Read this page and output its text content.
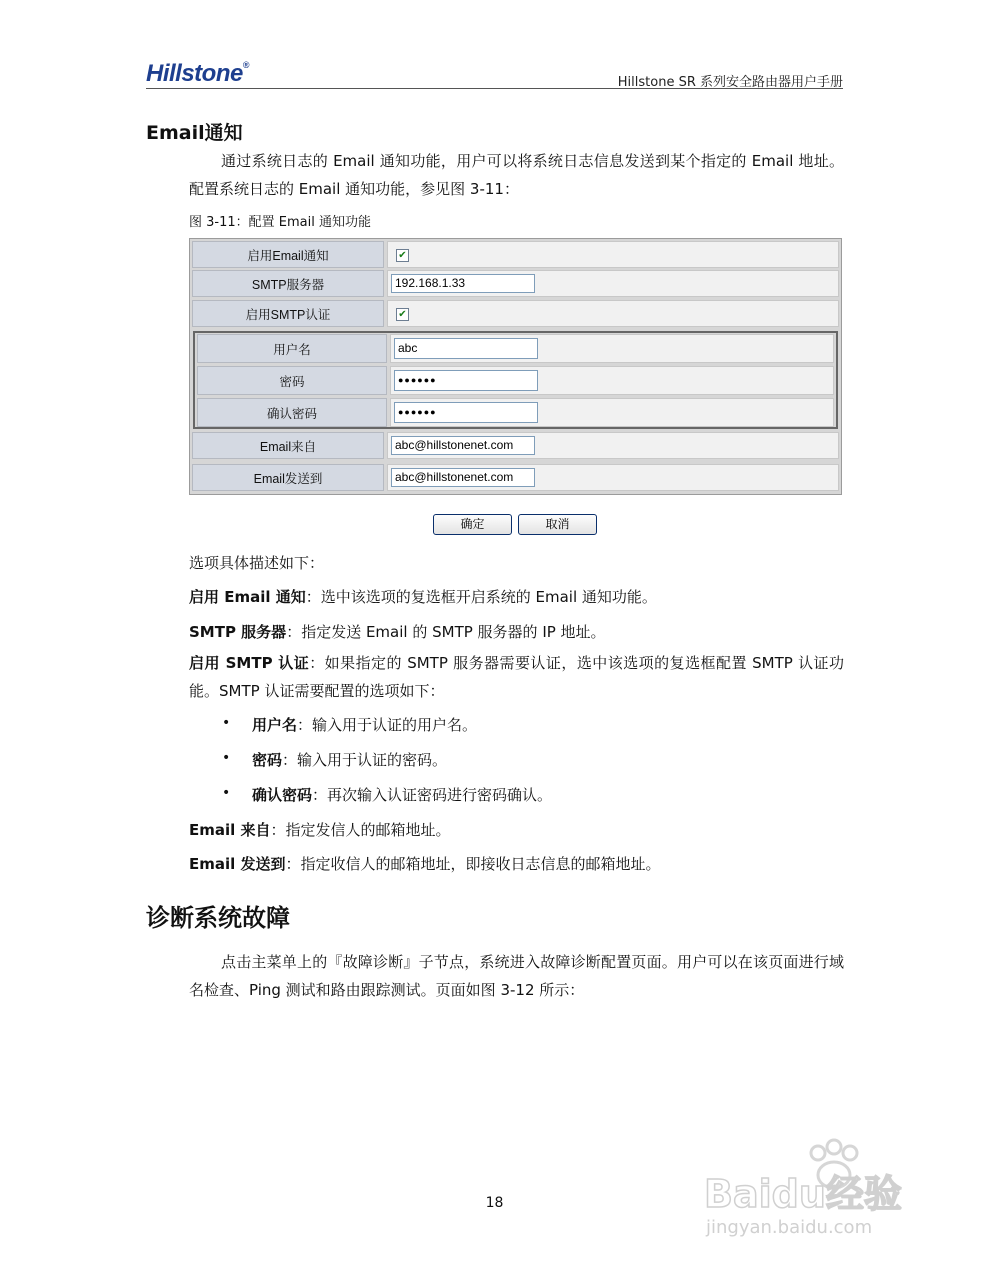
Hillstone®
Hillstone SR 系列安全路由器用户手册
Email通知
通过系统日志的 Email 通知功能，用户可以将系统日志信息发送到某个指定的 Email 地址。配置系统日志的 Email 通知功能，参见图 3-11：
图 3-11：配置 Email 通知功能
启用Email通知	✔
SMTP服务器	192.168.1.33
启用SMTP认证	✔
用户名	abc
密码	●●●●●●
确认密码	●●●●●●
Email来自	abc@hillstonenet.com
Email发送到	abc@hillstonenet.com
确定	取消
选项具体描述如下：
启用 Email 通知：选中该选项的复选框开启系统的 Email 通知功能。
SMTP 服务器：指定发送 Email 的 SMTP 服务器的 IP 地址。
启用 SMTP 认证：如果指定的 SMTP 服务器需要认证，选中该选项的复选框配置 SMTP 认证功能。SMTP 认证需要配置的选项如下：
• 用户名：输入用于认证的用户名。
• 密码：输入用于认证的密码。
• 确认密码：再次输入认证密码进行密码确认。
Email 来自：指定发信人的邮箱地址。
Email 发送到：指定收信人的邮箱地址，即接收日志信息的邮箱地址。
诊断系统故障
点击主菜单上的『故障诊断』子节点，系统进入故障诊断配置页面。用户可以在该页面进行域名检查、Ping 测试和路由跟踪测试。页面如图 3-12 所示：
Baidu经验
jingyan.baidu.com
18
